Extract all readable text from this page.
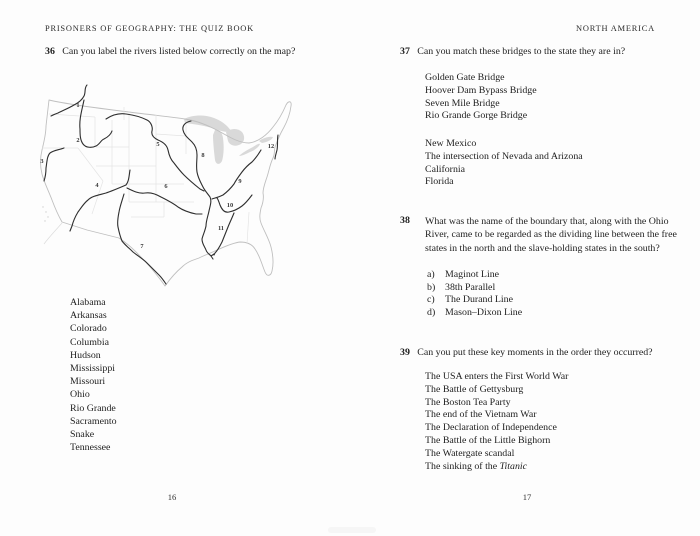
PRISONERS OF GEOGRAPHY: THE QUIZ BOOK
36 Can you label the rivers listed below correctly on the map?
1
2
3
4
5
6
7
8
9
10
11
12
Alabama
Arkansas
Colorado
Columbia
Hudson
Mississippi
Missouri
Ohio
Rio Grande
Sacramento
Snake
Tennessee
16
NORTH AMERICA
37 Can you match these bridges to the state they are in?
Golden Gate Bridge
Hoover Dam Bypass Bridge
Seven Mile Bridge
Rio Grande Gorge Bridge
New Mexico
The intersection of Nevada and Arizona
California
Florida
38	What was the name of the boundary that, along with the Ohio River, came to be regarded as the dividing line between the free states in the north and the slave-holding states in the south?
a)	Maginot Line
b) 38th Parallel
c)	The Durand Line
d) Mason–Dixon Line
39 Can you put these key moments in the order they occurred?
The USA enters the First World War
The Battle of Gettysburg
The Boston Tea Party
The end of the Vietnam War
The Declaration of Independence
The Battle of the Little Bighorn
The Watergate scandal
The sinking of the Titanic
17
